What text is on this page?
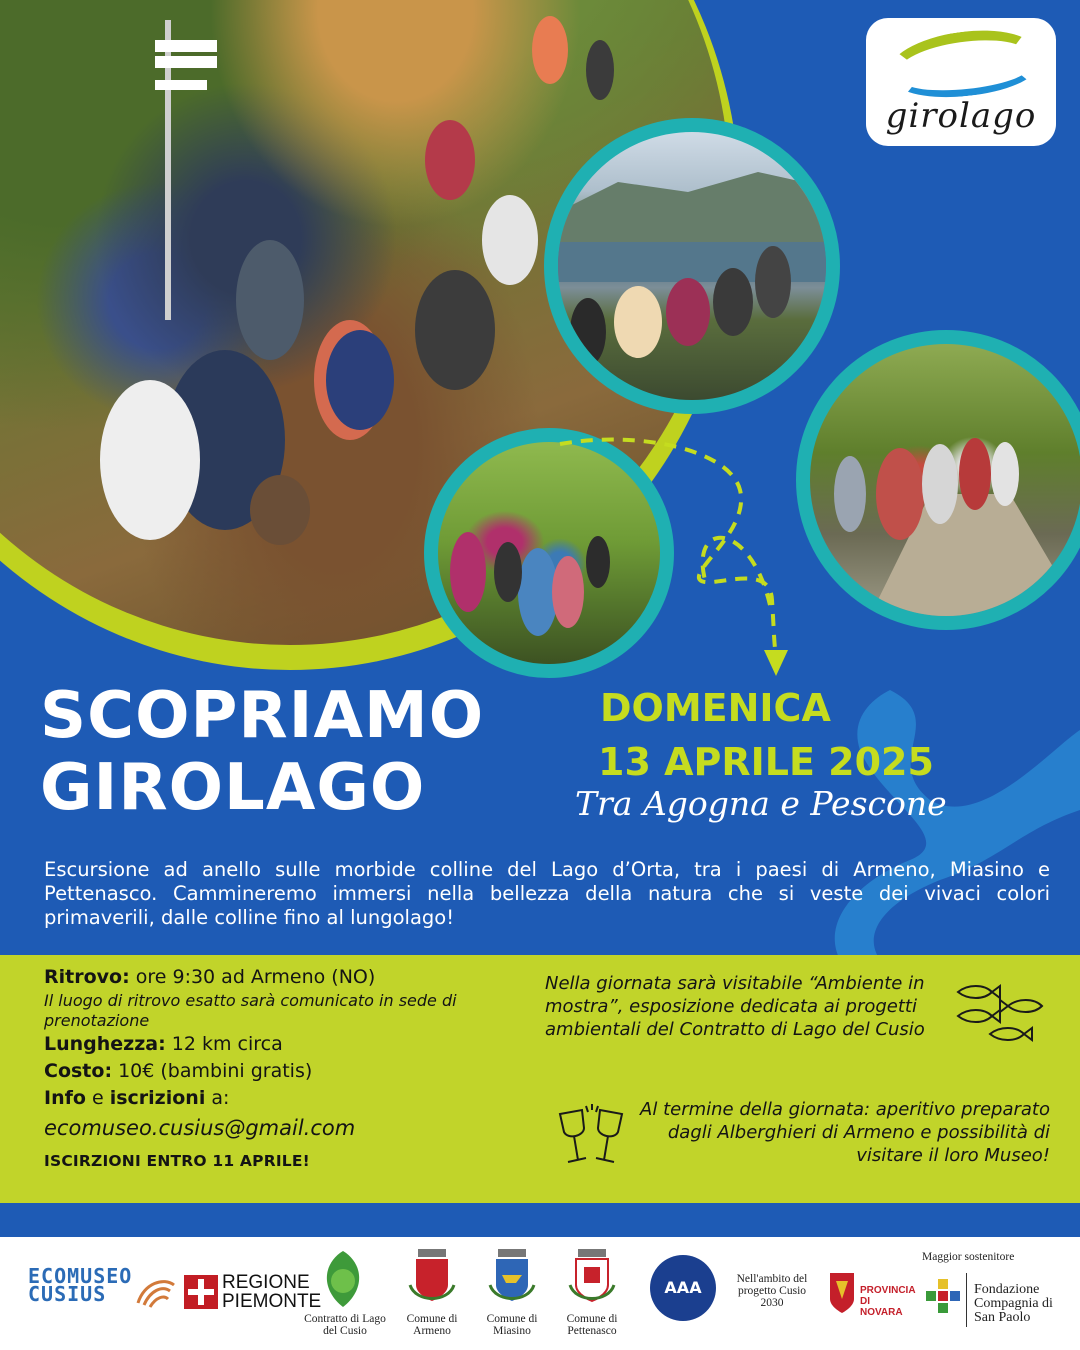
girolago
SCOPRIAMO
GIROLAGO
DOMENICA
13 APRILE 2025
Tra Agogna e Pescone
Escursione ad anello sulle morbide colline del Lago d’Orta, tra i paesi di Armeno, Miasino e Pettenasco. Cammineremo immersi nella bellezza della natura che si veste dei vivaci colori primaverili, dalle colline fino al lungolago!
Ritrovo: ore 9:30 ad Armeno (NO)
Il luogo di ritrovo esatto sarà comunicato in sede di prenotazione
Lunghezza: 12 km circa
Costo: 10€ (bambini gratis)
Info e iscrizioni a:
ecomuseo.cusius@gmail.com
ISCIRZIONI ENTRO 11 APRILE!
Nella giornata sarà visitabile “Ambiente in mostra”, esposizione dedicata ai progetti ambientali del Contratto di Lago del Cusio
Al termine della giornata: aperitivo preparato dagli Alberghieri di Armeno e possibilità di visitare il loro Museo!
ECOMUSEO
CUSIUS	REGIONE
PIEMONTE
Contratto di Lago del Cusio
Comune di Armeno
Comune di Miasino
Comune di Pettenasco
AAA	Nell'ambito del progetto Cusio 2030
PROVINCIA DI NOVARA
Maggior sostenitore
Fondazione Compagnia di San Paolo
